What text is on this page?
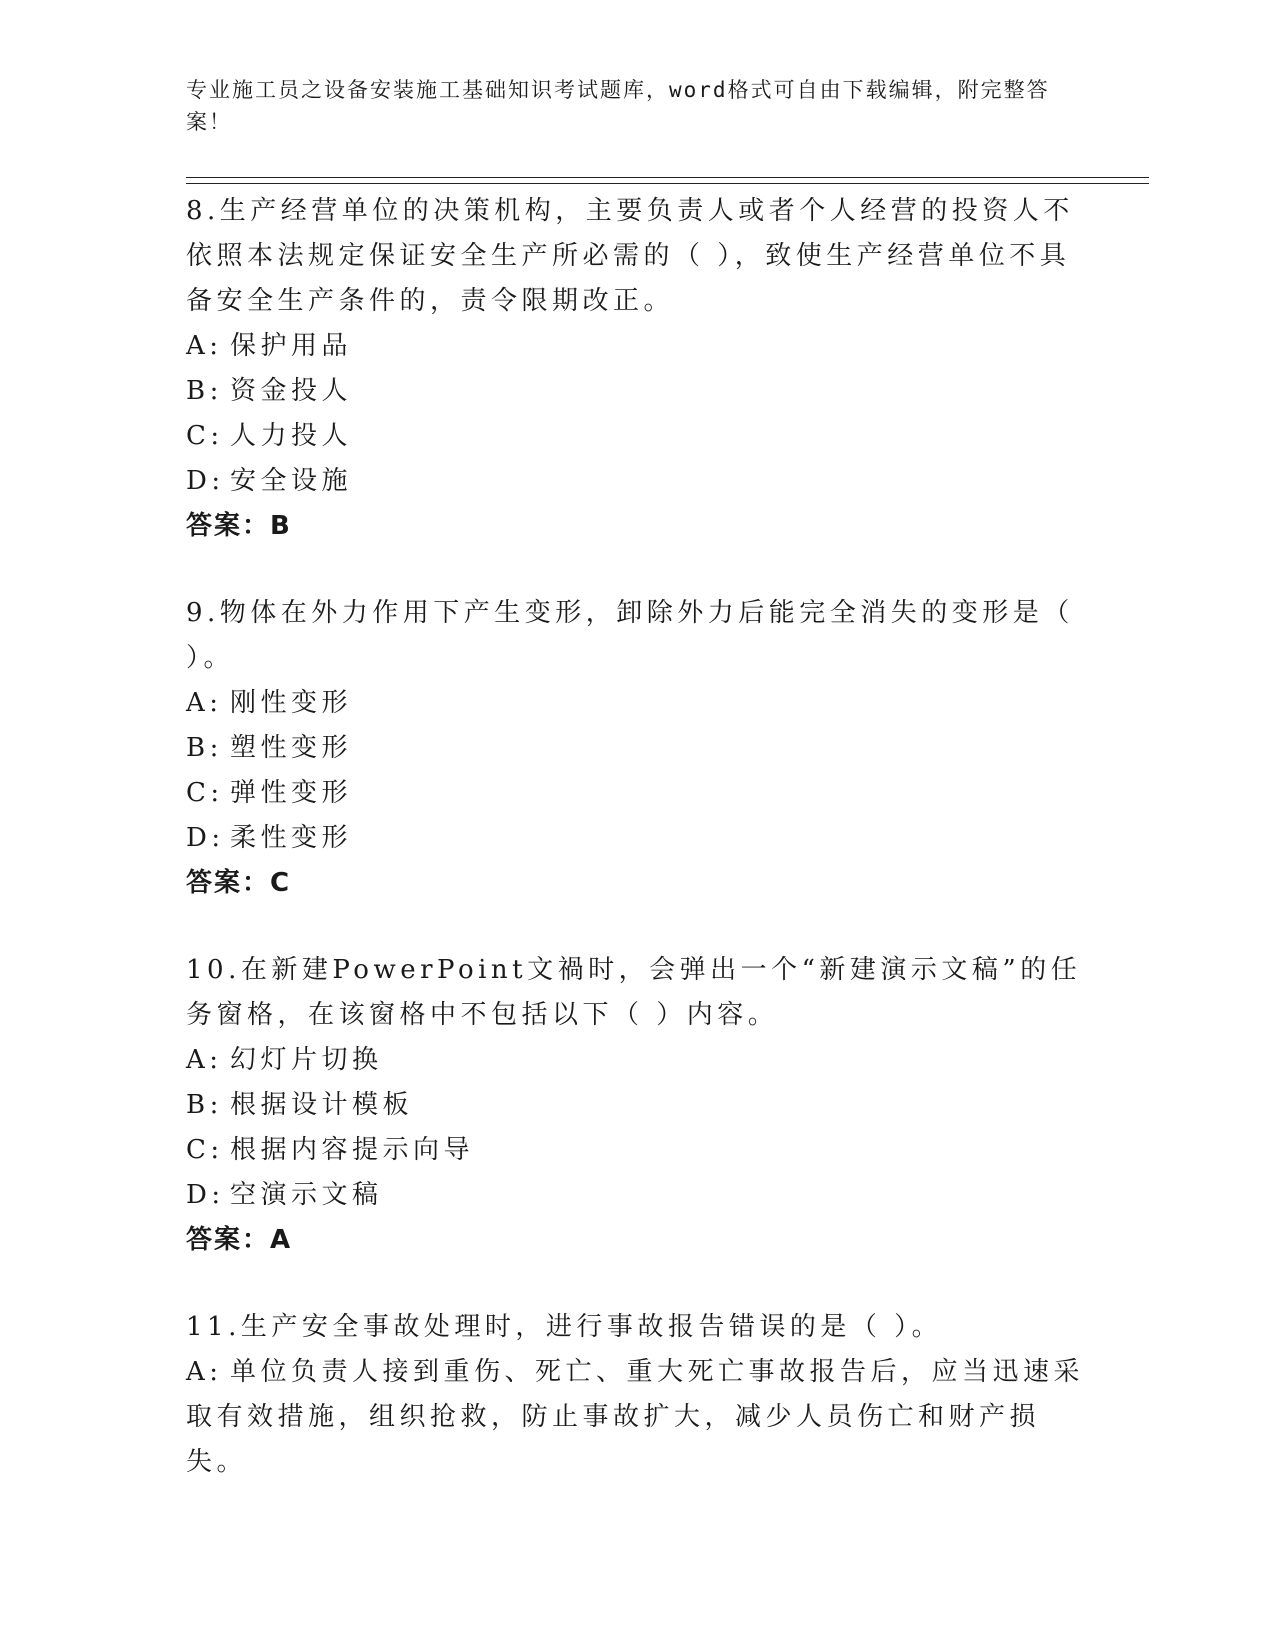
专业施工员之设备安装施工基础知识考试题库，word格式可自由下载编辑，附完整答案！

8.生产经营单位的决策机构，主要负责人或者个人经营的投资人不依照本法规定保证安全生产所必需的（ ），致使生产经营单位不具备安全生产条件的，责令限期改正。

A: 保护用品

B: 资金投人

C: 人力投人

D: 安全设施

答案：B

9.物体在外力作用下产生变形，卸除外力后能完全消失的变形是（ ）。

A: 刚性变形

B: 塑性变形

C: 弹性变形

D: 柔性变形

答案：C

10.在新建PowerPoint文禍时，会弹出一个“新建演示文稿”的任务窗格，在该窗格中不包括以下（ ）内容。

A: 幻灯片切换

B: 根据设计模板

C: 根据内容提示向导

D: 空演示文稿

答案：A

11.生产安全事故处理时，进行事故报告错误的是（ ）。

A: 单位负责人接到重伤、死亡、重大死亡事故报告后，应当迅速采取有效措施，组织抢救，防止事故扩大，减少人员伤亡和财产损失。
